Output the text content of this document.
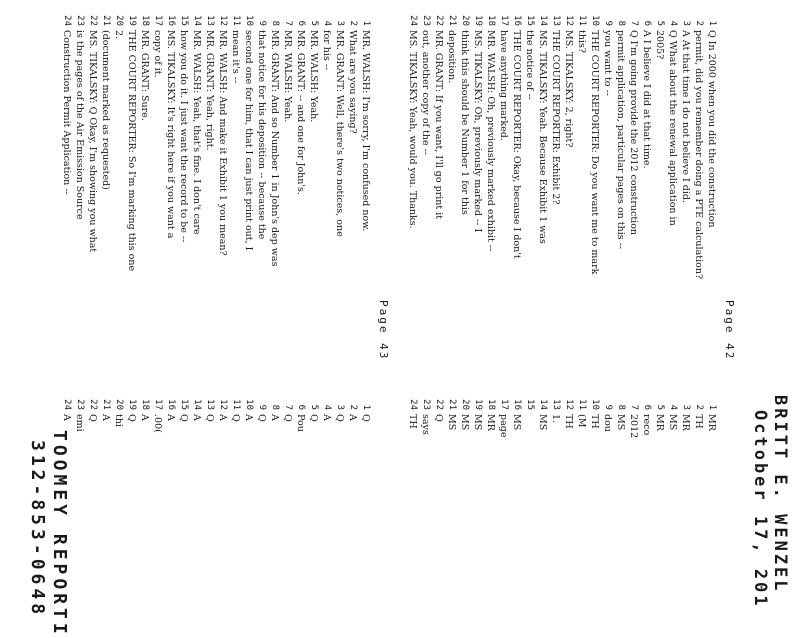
BRITT E. WENZEL
October 17, 201
Page 42
1
Q In 2000 when you did the construction
2
permit, did you remember doing a PTE calculation?
3
A At that time I do not believe I did.
4
Q What about the renewal application in
5
2005?
6
A I believe I did at that time.
7
Q I'm going provide the 2012 construction
8
permit application, particular pages on this --
9
you want to --
10
THE COURT REPORTER: Do you want me to mark
11
this?
12
MS. TIKALSKY: 2, right?
13
THE COURT REPORTER: Exhibit 2?
14
MS. TIKALSKY: Yeah. Because Exhibit 1 was
15
the notice of --
16
THE COURT REPORTER: Okay, because I don't
17
have anything marked.
18
MR. WALSH: Oh, previously marked exhibit --
19
MS. TIKALSKY: Oh, previously marked -- I
20
think this should be Number 1 for this
21
deposition.
22
MR. GRANT: If you want, I'll go print it
23
out, another copy of the --
24
MS. TIKALSKY: Yeah, would you. Thanks.
Page 43
1
MR. WALSH: I'm sorry, I'm confused now.
2
What are you saying?
3
MR. GRANT: Well, there's two notices, one
4
for his --
5
MR. WALSH: Yeah.
6
MR. GRANT: -- and one for John's.
7
MR. WALSH: Yeah.
8
MR. GRANT: And so Number 1 in John's dep was
9
that notice for his deposition -- because the
10
second one for him, that I can just print out, I
11
mean it's --
12
MR. WALSH: And make it Exhibit 1 you mean?
13
MR. GRANT: Yeah, right.
14
MR. WALSH: Yeah, that's fine. I don't care
15
how you do it. I just want the record to be --
16
MS. TIKALSKY: It's right here if you want a
17
copy of it.
18
MR. GRANT: Sure.
19
THE COURT REPORTER: So I'm marking this one
20
2.
21
(document marked as requested)
22
MS. TIKALSKY: Q Okay, I'm showing you what
23
is the pages of the Air Emission Source
24
Construction Permit Application --
1
MR
2
TH
3
MR
4
MS
5
MR
6
reco
7
2012
8
MS
9
dou
10
TH
11
(M
12
TH
13
1.
14
MS
15
16
MS
17
page
18
MR
19
MS
20
MS
21
MS
22
Q
23
says
24
TH
1
Q
2
A
3
Q
4
A
5
Q
6
Pou
7
Q
8
A
9
Q
10
A
11
Q
12
A
13
Q
14
A
15
Q
16
A
17
.00(
18
A
19
Q
20
thi
21
A
22
Q
23
emi
24
A
TOOMEY REPORTI
312-853-0648
